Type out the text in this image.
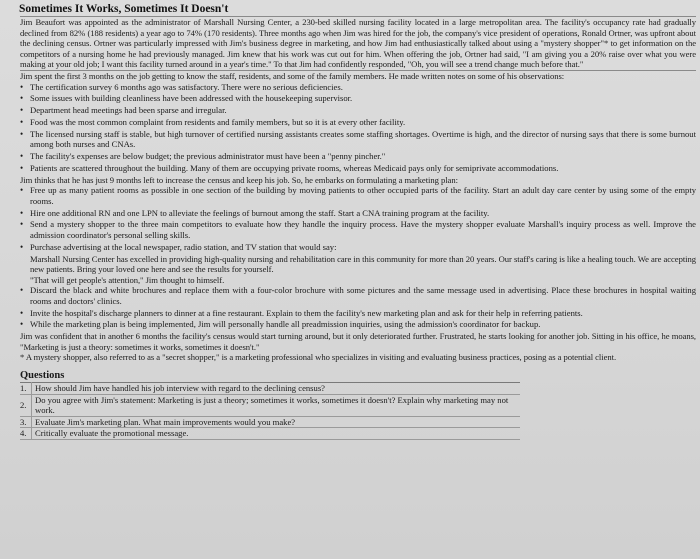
Sometimes It Works, Sometimes It Doesn't

Jim Beaufort was appointed as the administrator of Marshall Nursing Center, a 230-bed skilled nursing facility located in a large metropolitan area. The facility's occupancy rate had gradually declined from 82% (188 residents) a year ago to 74% (170 residents). Three months ago when Jim was hired for the job, the company's vice president of operations, Ronald Ortner, was upfront about the declining census. Ortner was particularly impressed with Jim's business degree in marketing, and how Jim had enthusiastically talked about using a "mystery shopper"* to get information on the competitors of a nursing home he had previously managed. Jim knew that his work was cut out for him. When offering the job, Ortner had said, "I am giving you a 20% raise over what you were making at your old job; I want this facility turned around in a year's time." To that Jim had confidently responded, "Oh, you will see a trend change much before that."

Jim spent the first 3 months on the job getting to know the staff, residents, and some of the family members. He made written notes on some of his observations:

• The certification survey 6 months ago was satisfactory. There were no serious deficiencies.
• Some issues with building cleanliness have been addressed with the housekeeping supervisor.
• Department head meetings had been sparse and irregular.
• Food was the most common complaint from residents and family members, but so it is at every other facility.
• The licensed nursing staff is stable, but high turnover of certified nursing assistants creates some staffing shortages. Overtime is high, and the director of nursing says that there is some burnout among both nurses and CNAs.
• The facility's expenses are below budget; the previous administrator must have been a "penny pincher."
• Patients are scattered throughout the building. Many of them are occupying private rooms, whereas Medicaid pays only for semiprivate accommodations.

Jim thinks that he has just 9 months left to increase the census and keep his job. So, he embarks on formulating a marketing plan:

• Free up as many patient rooms as possible in one section of the building by moving patients to other occupied parts of the facility. Start an adult day care center by using some of the empty rooms.
• Hire one additional RN and one LPN to alleviate the feelings of burnout among the staff. Start a CNA training program at the facility.
• Send a mystery shopper to the three main competitors to evaluate how they handle the inquiry process. Have the mystery shopper evaluate Marshall's inquiry process as well. Improve the admission coordinator's personal selling skills.
• Purchase advertising at the local newspaper, radio station, and TV station that would say:

Marshall Nursing Center has excelled in providing high-quality nursing and rehabilitation care in this community for more than 20 years. Our staff's caring is like a healing touch. We are accepting new patients. Bring your loved one here and see the results for yourself.

"That will get people's attention," Jim thought to himself.

• Discard the black and white brochures and replace them with a four-color brochure with some pictures and the same message used in advertising. Place these brochures in hospital waiting rooms and doctors' clinics.
• Invite the hospital's discharge planners to dinner at a fine restaurant. Explain to them the facility's new marketing plan and ask for their help in referring patients.
• While the marketing plan is being implemented, Jim will personally handle all preadmission inquiries, using the admission's coordinator for backup.

Jim was confident that in another 6 months the facility's census would start turning around, but it only deteriorated further. Frustrated, he starts looking for another job. Sitting in his office, he moans, "Marketing is just a theory: sometimes it works, sometimes it doesn't."

* A mystery shopper, also referred to as a "secret shopper," is a marketing professional who specializes in visiting and evaluating business practices, posing as a potential client.

Questions
1.	How should Jim have handled his job interview with regard to the declining census?
2.	Do you agree with Jim's statement: Marketing is just a theory; sometimes it works, sometimes it doesn't? Explain why marketing may not work.
3.	Evaluate Jim's marketing plan. What main improvements would you make?
4.	Critically evaluate the promotional message.
